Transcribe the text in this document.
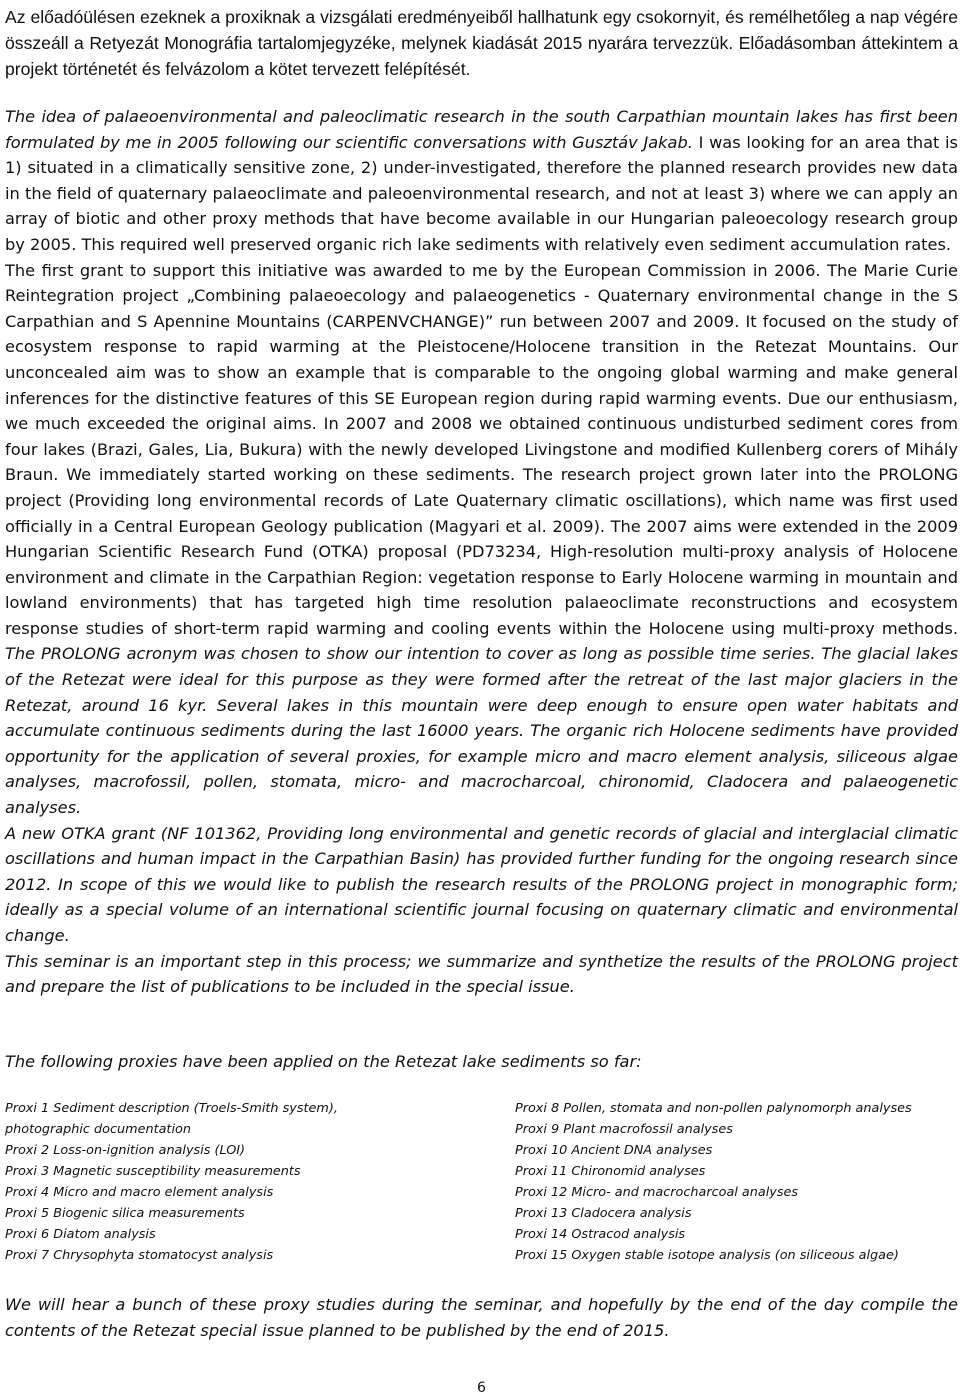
Az előadóülésen ezeknek a proxiknak a vizsgálati eredményeiből hallhatunk egy csokornyit, és remélhetőleg a nap végére összeáll a Retyezát Monográfia tartalomjegyzéke, melynek kiadását 2015 nyarára tervezzük. Előadásomban áttekintem a projekt történetét és felvázolom a kötet tervezett felépítését.

The idea of palaeoenvironmental and paleoclimatic research in the south Carpathian mountain lakes has first been formulated by me in 2005 following our scientific conversations with Gusztáv Jakab. I was looking for an area that is 1) situated in a climatically sensitive zone, 2) under-investigated, therefore the planned research provides new data in the field of quaternary palaeoclimate and paleoenvironmental research, and not at least 3) where we can apply an array of biotic and other proxy methods that have become available in our Hungarian paleoecology research group by 2005. This required well preserved organic rich lake sediments with relatively even sediment accumulation rates.

The first grant to support this initiative was awarded to me by the European Commission in 2006. The Marie Curie Reintegration project „Combining palaeoecology and palaeogenetics - Quaternary environmental change in the S Carpathian and S Apennine Mountains (CARPENVCHANGE)” run between 2007 and 2009. It focused on the study of ecosystem response to rapid warming at the Pleistocene/Holocene transition in the Retezat Mountains. Our unconcealed aim was to show an example that is comparable to the ongoing global warming and make general inferences for the distinctive features of this SE European region during rapid warming events. Due our enthusiasm, we much exceeded the original aims. In 2007 and 2008 we obtained continuous undisturbed sediment cores from four lakes (Brazi, Gales, Lia, Bukura) with the newly developed Livingstone and modified Kullenberg corers of Mihály Braun. We immediately started working on these sediments. The research project grown later into the PROLONG project (Providing long environmental records of Late Quaternary climatic oscillations), which name was first used officially in a Central European Geology publication (Magyari et al. 2009). The 2007 aims were extended in the 2009 Hungarian Scientific Research Fund (OTKA) proposal (PD73234, High-resolution multi-proxy analysis of Holocene environment and climate in the Carpathian Region: vegetation response to Early Holocene warming in mountain and lowland environments) that has targeted high time resolution palaeoclimate reconstructions and ecosystem response studies of short-term rapid warming and cooling events within the Holocene using multi-proxy methods. The PROLONG acronym was chosen to show our intention to cover as long as possible time series. The glacial lakes of the Retezat were ideal for this purpose as they were formed after the retreat of the last major glaciers in the Retezat, around 16 kyr. Several lakes in this mountain were deep enough to ensure open water habitats and accumulate continuous sediments during the last 16000 years. The organic rich Holocene sediments have provided opportunity for the application of several proxies, for example micro and macro element analysis, siliceous algae analyses, macrofossil, pollen, stomata, micro- and macrocharcoal, chironomid, Cladocera and palaeogenetic analyses.

A new OTKA grant (NF 101362, Providing long environmental and genetic records of glacial and interglacial climatic oscillations and human impact in the Carpathian Basin) has provided further funding for the ongoing research since 2012. In scope of this we would like to publish the research results of the PROLONG project in monographic form; ideally as a special volume of an international scientific journal focusing on quaternary climatic and environmental change.

This seminar is an important step in this process; we summarize and synthetize the results of the PROLONG project and prepare the list of publications to be included in the special issue.

The following proxies have been applied on the Retezat lake sediments so far:

Proxi 1 Sediment description (Troels-Smith system),
photographic documentation
Proxi 2 Loss-on-ignition analysis (LOI)
Proxi 3 Magnetic susceptibility measurements
Proxi 4 Micro and macro element analysis
Proxi 5 Biogenic silica measurements
Proxi 6 Diatom analysis
Proxi 7 Chrysophyta stomatocyst analysis
Proxi 8 Pollen, stomata and non-pollen palynomorph analyses
Proxi 9 Plant macrofossil analyses
Proxi 10 Ancient DNA analyses
Proxi 11 Chironomid analyses
Proxi 12 Micro- and macrocharcoal analyses
Proxi 13 Cladocera analysis
Proxi 14 Ostracod analysis
Proxi 15 Oxygen stable isotope analysis (on siliceous algae)

We will hear a bunch of these proxy studies during the seminar, and hopefully by the end of the day compile the contents of the Retezat special issue planned to be published by the end of 2015.

6
